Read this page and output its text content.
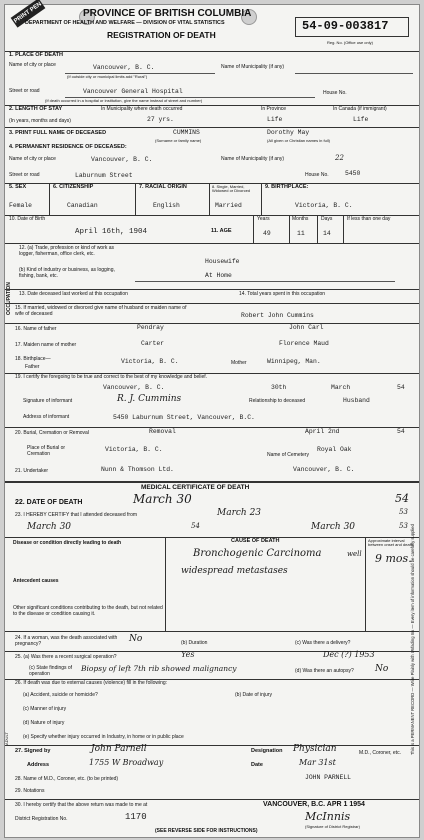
PRINT PEN	PROVINCE OF BRITISH COLUMBIA
DEPARTMENT OF HEALTH AND WELFARE — DIVISION OF VITAL STATISTICS
REGISTRATION OF DEATH
Reg. No. (Office use only)
54-09-003817
1. PLACE OF DEATH
Name of city or place	Vancouver, B. C.
(If outside city or municipal limits add "Rural")
Name of Municipality (if any)
Street or road	Vancouver General Hospital	House No.
(If death occurred in a hospital or institution, give the name instead of street and number)
2. LENGTH OF STAY	In Municipality where death occurred	In Province	In Canada (if immigrant)
(In years, months and days)	27 yrs.	Life	Life
3. PRINT FULL NAME OF DECEASED	CUMMINS	Dorothy May
(Surname or family name)	(All given or Christian names in full)
4. PERMANENT RESIDENCE OF DECEASED:
Name of city or place	Vancouver, B. C.	Name of Municipality (if any)	22
Street or road	Laburnum Street	House No.	5450
5. SEX	6. CITIZENSHIP	7. RACIAL ORIGIN	8. Single, Married, Widowed or Divorced
9. BIRTHPLACE:
Female	Canadian	English	Married	Victoria, B. C.
10. Date of Birth
April 16th, 1904	11. AGE
Years	Months	Days	If less than one day
49	11	14
OCCUPATION
12. (a) Trade, profession or kind of work as logger, fisherman, office clerk, etc.
Housewife
(b) Kind of industry or business, as logging, fishing, bank, etc.	At Home
13. Date deceased last worked at this occupation	14. Total years spent in this occupation
15. If married, widowed or divorced give name of husband or maiden name of wife of deceased	Robert John Cummins
16. Name of father	Pendray	John Carl
17. Maiden name of mother	Carter	Florence Maud
18. Birthplace—
Father
Victoria, B. C.	Mother	Winnipeg, Man.
19. I certify the foregoing to be true and correct to the best of my knowledge and belief.
Vancouver, B. C.	30th	March	54
Signature of informant	R. J. Cummins	Relationship to deceased	Husband
Address of informant	5450 Laburnum Street, Vancouver, B.C.
20. Burial, Cremation or Removal	Removal	April 2nd	54
Place of Burial or Cremation
Victoria, B. C.
Name of Cemetery
Royal Oak
21. Undertaker	Nunn & Thomson Ltd.	Vancouver, B. C.
MEDICAL CERTIFICATE OF DEATH
22. DATE OF DEATH	March 30	54
23. I HEREBY CERTIFY that I attended deceased from	March 23	53
March 30	54	March 30	53
CAUSE OF DEATH	Approximate interval between onset and death
Disease or condition directly leading to death
Bronchogenic Carcinoma	well 9 mos.
widespread metastases
Antecedent causes
Other significant conditions contributing to the death, but not related to the disease or condition causing it.
24. If a woman, was the death associated with pregnancy?	No	(b) Duration	(c) Was there a delivery?
25. (a) Was there a recent surgical operation?	Yes	Dec (?) 1953
(c) State findings of operation
Biopsy of left 7th rib showed malignancy	(d) Was there an autopsy? No
26. If death was due to external causes (violence) fill in the following:
(a) Accident, suicide or homicide?	(b) Date of injury
(c) Manner of injury
(d) Nature of injury
(e) Specify whether injury occurred in Industry, in home or in public place
27. Signed by	John Parnell	Designation Physician	M.D., Coroner, etc.
Address	1755 W Broadway	Date	Mar 31st
28. Name of M.D., Coroner, etc. (to be printed)	JOHN PARNELL
29. Notations
30. I hereby certify that the above return was made to me at	VANCOUVER, B.C. APR 1 1954
District Registration No.	1170	McInnis
(Signature of District Registrar)
(SEE REVERSE SIDE FOR INSTRUCTIONS)
This is a PERMANENT RECORD — Write Plainly with Unfading Ink — Every item of information should be carefully supplied
ADULT
